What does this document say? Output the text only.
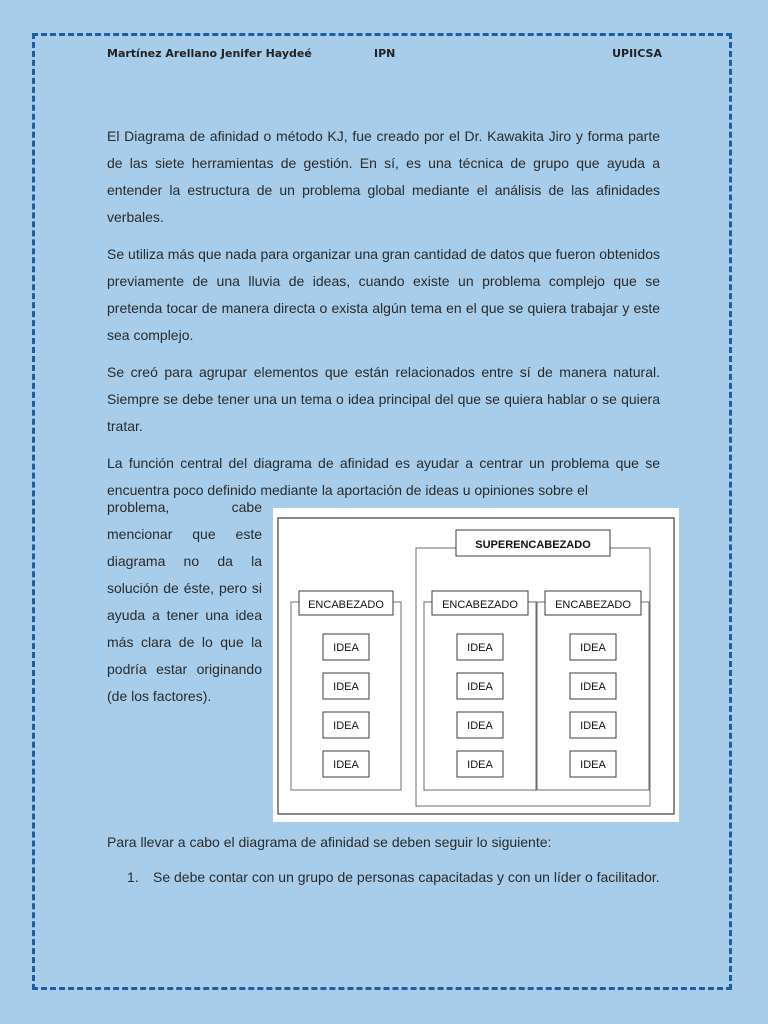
Martínez Arellano Jenifer Haydeé	IPN	UPIICSA

El Diagrama de afinidad o método KJ, fue creado por el Dr. Kawakita Jiro y forma parte de las siete herramientas de gestión. En sí, es una técnica de grupo que ayuda a entender la estructura de un problema global mediante el análisis de las afinidades verbales.

Se utiliza más que nada para organizar una gran cantidad de datos que fueron obtenidos previamente de una lluvia de ideas, cuando existe un problema complejo que se pretenda tocar de manera directa o exista algún tema en el que se quiera trabajar y este sea complejo.

Se creó para agrupar elementos que están relacionados entre sí de manera natural. Siempre se debe tener una un tema o idea principal del que se quiera hablar o se quiera tratar.

La función central del diagrama de afinidad es ayudar a centrar un problema que se encuentra poco definido mediante la aportación de ideas u opiniones sobre el

problema, cabe mencionar que este diagrama no da la solución de éste, pero si ayuda a tener una idea más clara de lo que la podría estar originando (de los factores).

SUPERENCABEZADO
ENCABEZADO
IDEA
IDEA
IDEA
IDEA
ENCABEZADO
IDEA
IDEA
IDEA
IDEA
ENCABEZADO
IDEA
IDEA
IDEA
IDEA

Para llevar a cabo el diagrama de afinidad se deben seguir lo siguiente:

1. Se debe contar con un grupo de personas capacitadas y con un líder o facilitador.
